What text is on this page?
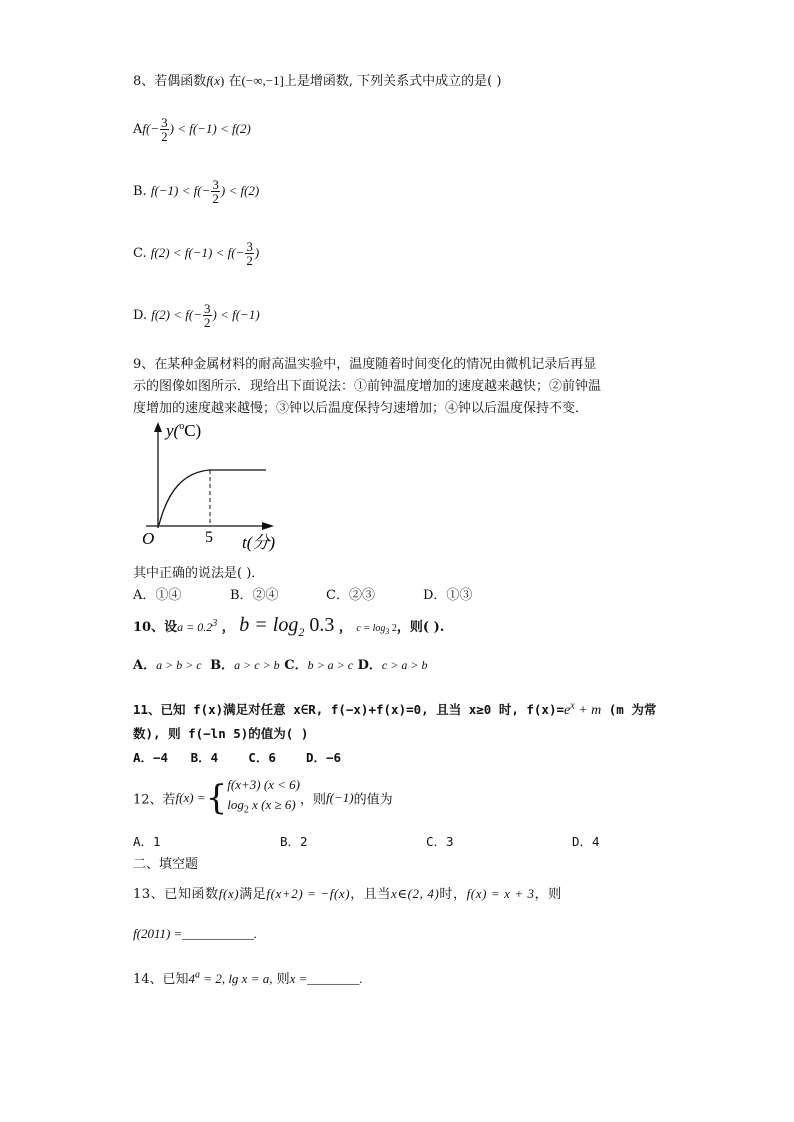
8、若偶函数f(x) 在(−∞,−1]上是增函数, 下列关系式中成立的是( )
$Af(- \frac{3}{2}$ ) < f(−1) < f(2)
B. $f(-1) < f(- \frac{3}{2}$ ) < f(2)
C. $f(2) < f(-1) < f(- \frac{3}{2}$ )
D. $f(2) < f(- \frac{3}{2}$ ) < f(−1)
9、在某种金属材料的耐高温实验中，温度随着时间变化的情况由微机记录后再显
示的图像如图所示．现给出下面说法：①前钟温度增加的速度越来越快；②前钟温
度增加的速度越来越慢；③钟以后温度保持匀速增加；④钟以后温度保持不变．
y($^o$C)
O	5 t(分)
其中正确的说法是( )．
A．①④	B．②④	C．②③	D．①③
10、设$a = 0.2^3$ ， $b = \log_2 0.3$ ， $c = \log_3 2$，则( ).
A．a > b > c B．a > c > b C．b > a > c D．c > a > b
11、已知 f(x)满足对任意 x∈R, f(−x)+f(x)=0, 且当 x≥0 时, $f(x)=e^x + m$ (m 为常
数), 则 f(−ln 5)的值为( )
A．−4   B．4    C．6    D．−6
12、若f(x) ={ f(x+3) (x < 6)
$\log_2 x$ (x ≥ 6) ，则f(−1)的值为
A．1	B．2	C．3	D．4
二、填空题
13、已知函数f(x)满足f(x+2) = −f(x)，且当x∈(2, 4)时，f(x) = x + 3，则
f(2011) =___________.
14、已知$4^a = 2$, lg x = a, 则x =________.
